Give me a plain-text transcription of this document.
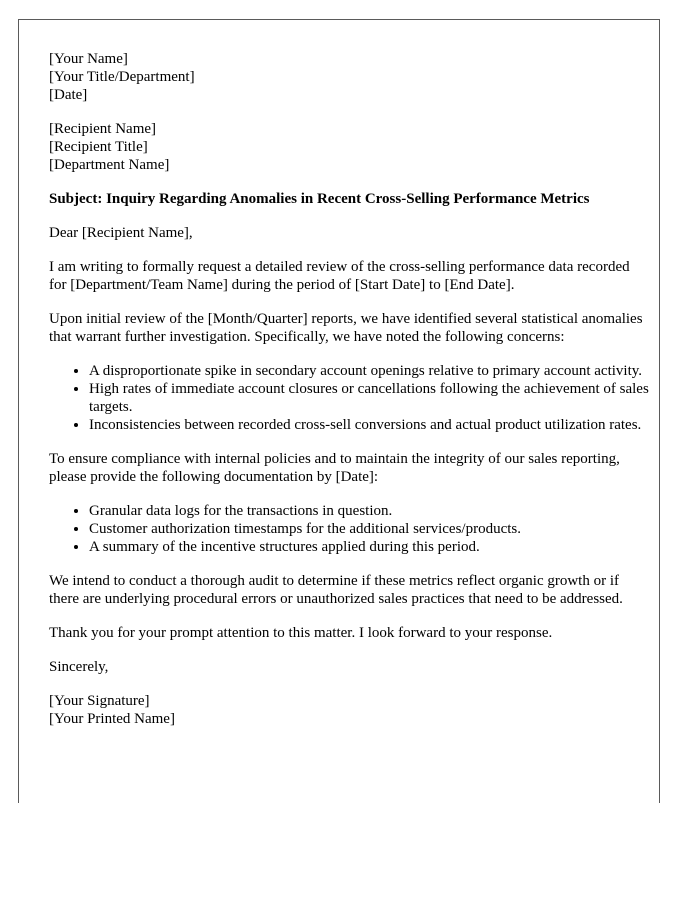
[Your Name]
[Your Title/Department]
[Date]
[Recipient Name]
[Recipient Title]
[Department Name]
Subject: Inquiry Regarding Anomalies in Recent Cross-Selling Performance Metrics

Dear [Recipient Name],

I am writing to formally request a detailed review of the cross-selling performance data recorded for [Department/Team Name] during the period of [Start Date] to [End Date].

Upon initial review of the [Month/Quarter] reports, we have identified several statistical anomalies that warrant further investigation. Specifically, we have noted the following concerns:

• A disproportionate spike in secondary account openings relative to primary account activity.
• High rates of immediate account closures or cancellations following the achievement of sales targets.
• Inconsistencies between recorded cross-sell conversions and actual product utilization rates.

To ensure compliance with internal policies and to maintain the integrity of our sales reporting, please provide the following documentation by [Date]:

• Granular data logs for the transactions in question.
• Customer authorization timestamps for the additional services/products.
• A summary of the incentive structures applied during this period.

We intend to conduct a thorough audit to determine if these metrics reflect organic growth or if there are underlying procedural errors or unauthorized sales practices that need to be addressed.

Thank you for your prompt attention to this matter. I look forward to your response.

Sincerely,

[Your Signature]
[Your Printed Name]
